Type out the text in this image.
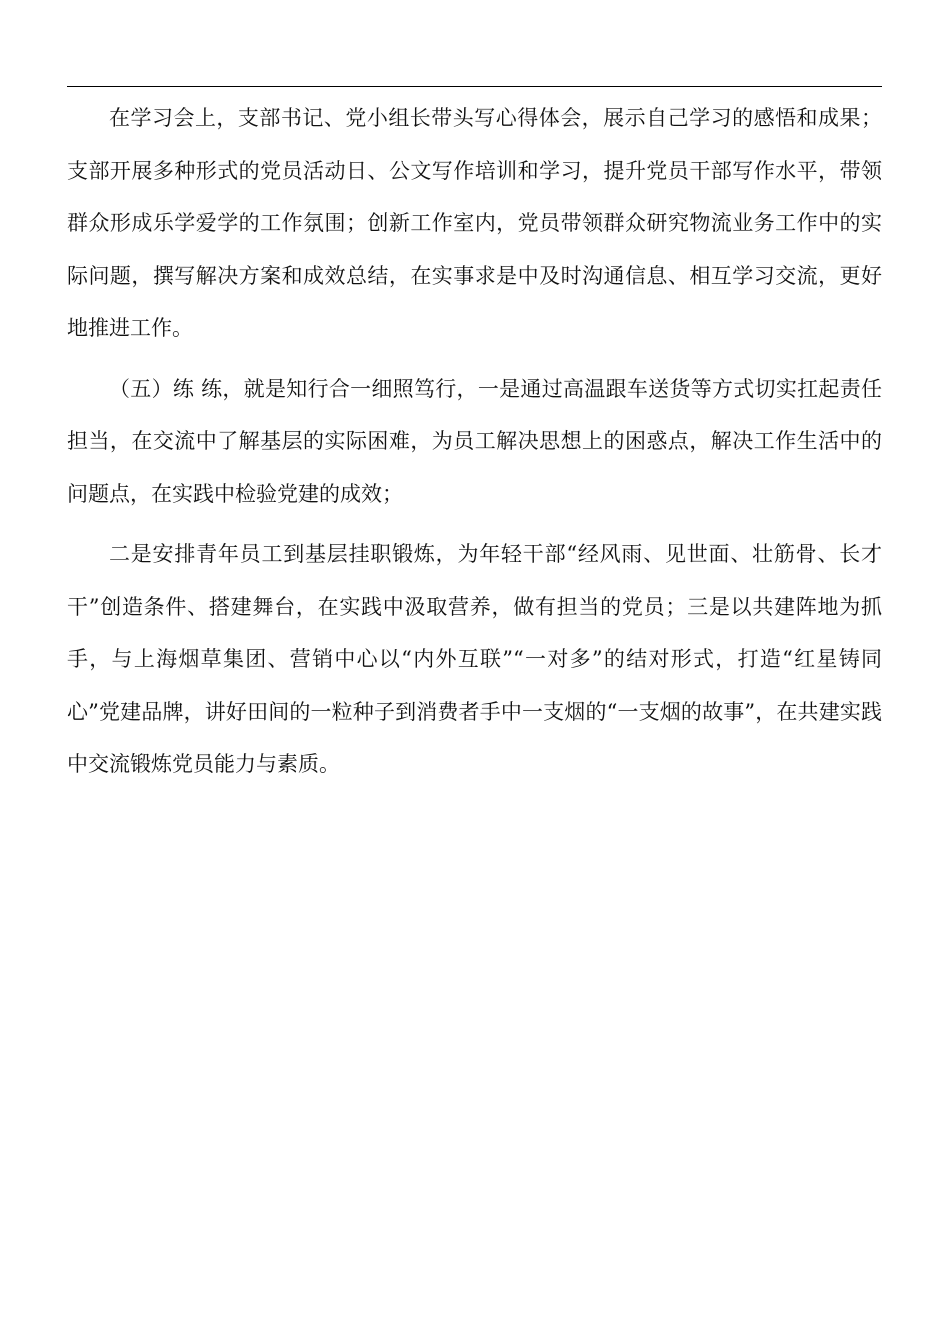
在学习会上，支部书记、党小组长带头写心得体会，展示自己学习的感悟和成果；支部开展多种形式的党员活动日、公文写作培训和学习，提升党员干部写作水平，带领群众形成乐学爱学的工作氛围；创新工作室内，党员带领群众研究物流业务工作中的实际问题，撰写解决方案和成效总结，在实事求是中及时沟通信息、相互学习交流，更好地推进工作。

（五）练 练，就是知行合一细照笃行，一是通过高温跟车送货等方式切实扛起责任担当，在交流中了解基层的实际困难，为员工解决思想上的困惑点，解决工作生活中的问题点，在实践中检验党建的成效；

二是安排青年员工到基层挂职锻炼，为年轻干部“经风雨、见世面、壮筋骨、长才干”创造条件、搭建舞台，在实践中汲取营养，做有担当的党员；三是以共建阵地为抓手，与上海烟草集团、营销中心以“内外互联”“一对多”的结对形式，打造“红星铸同心”党建品牌，讲好田间的一粒种子到消费者手中一支烟的“一支烟的故事”，在共建实践中交流锻炼党员能力与素质。
